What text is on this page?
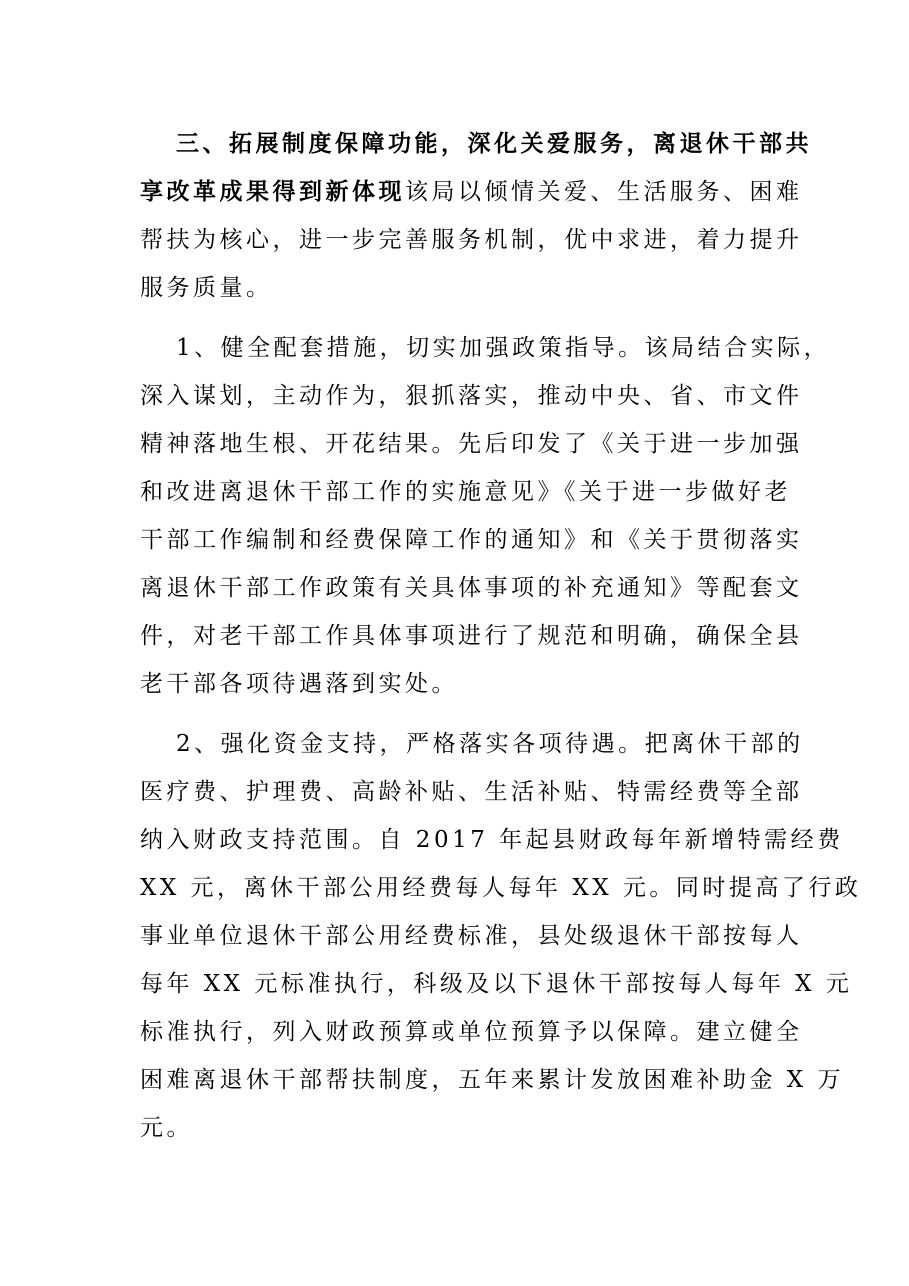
三、拓展制度保障功能，深化关爱服务，离退休干部共
享改革成果得到新体现该局以倾情关爱、生活服务、困难
帮扶为核心，进一步完善服务机制，优中求进，着力提升
服务质量。
1、健全配套措施，切实加强政策指导。该局结合实际，
深入谋划，主动作为，狠抓落实，推动中央、省、市文件
精神落地生根、开花结果。先后印发了《关于进一步加强
和改进离退休干部工作的实施意见》《关于进一步做好老
干部工作编制和经费保障工作的通知》和《关于贯彻落实
离退休干部工作政策有关具体事项的补充通知》等配套文
件，对老干部工作具体事项进行了规范和明确，确保全县
老干部各项待遇落到实处。
2、强化资金支持，严格落实各项待遇。把离休干部的
医疗费、护理费、高龄补贴、生活补贴、特需经费等全部
纳入财政支持范围。自 2017 年起县财政每年新增特需经费
XX 元，离休干部公用经费每人每年 XX 元。同时提高了行政
事业单位退休干部公用经费标准，县处级退休干部按每人
每年 XX 元标准执行，科级及以下退休干部按每人每年 X 元
标准执行，列入财政预算或单位预算予以保障。建立健全
困难离退休干部帮扶制度，五年来累计发放困难补助金 X 万
元。
